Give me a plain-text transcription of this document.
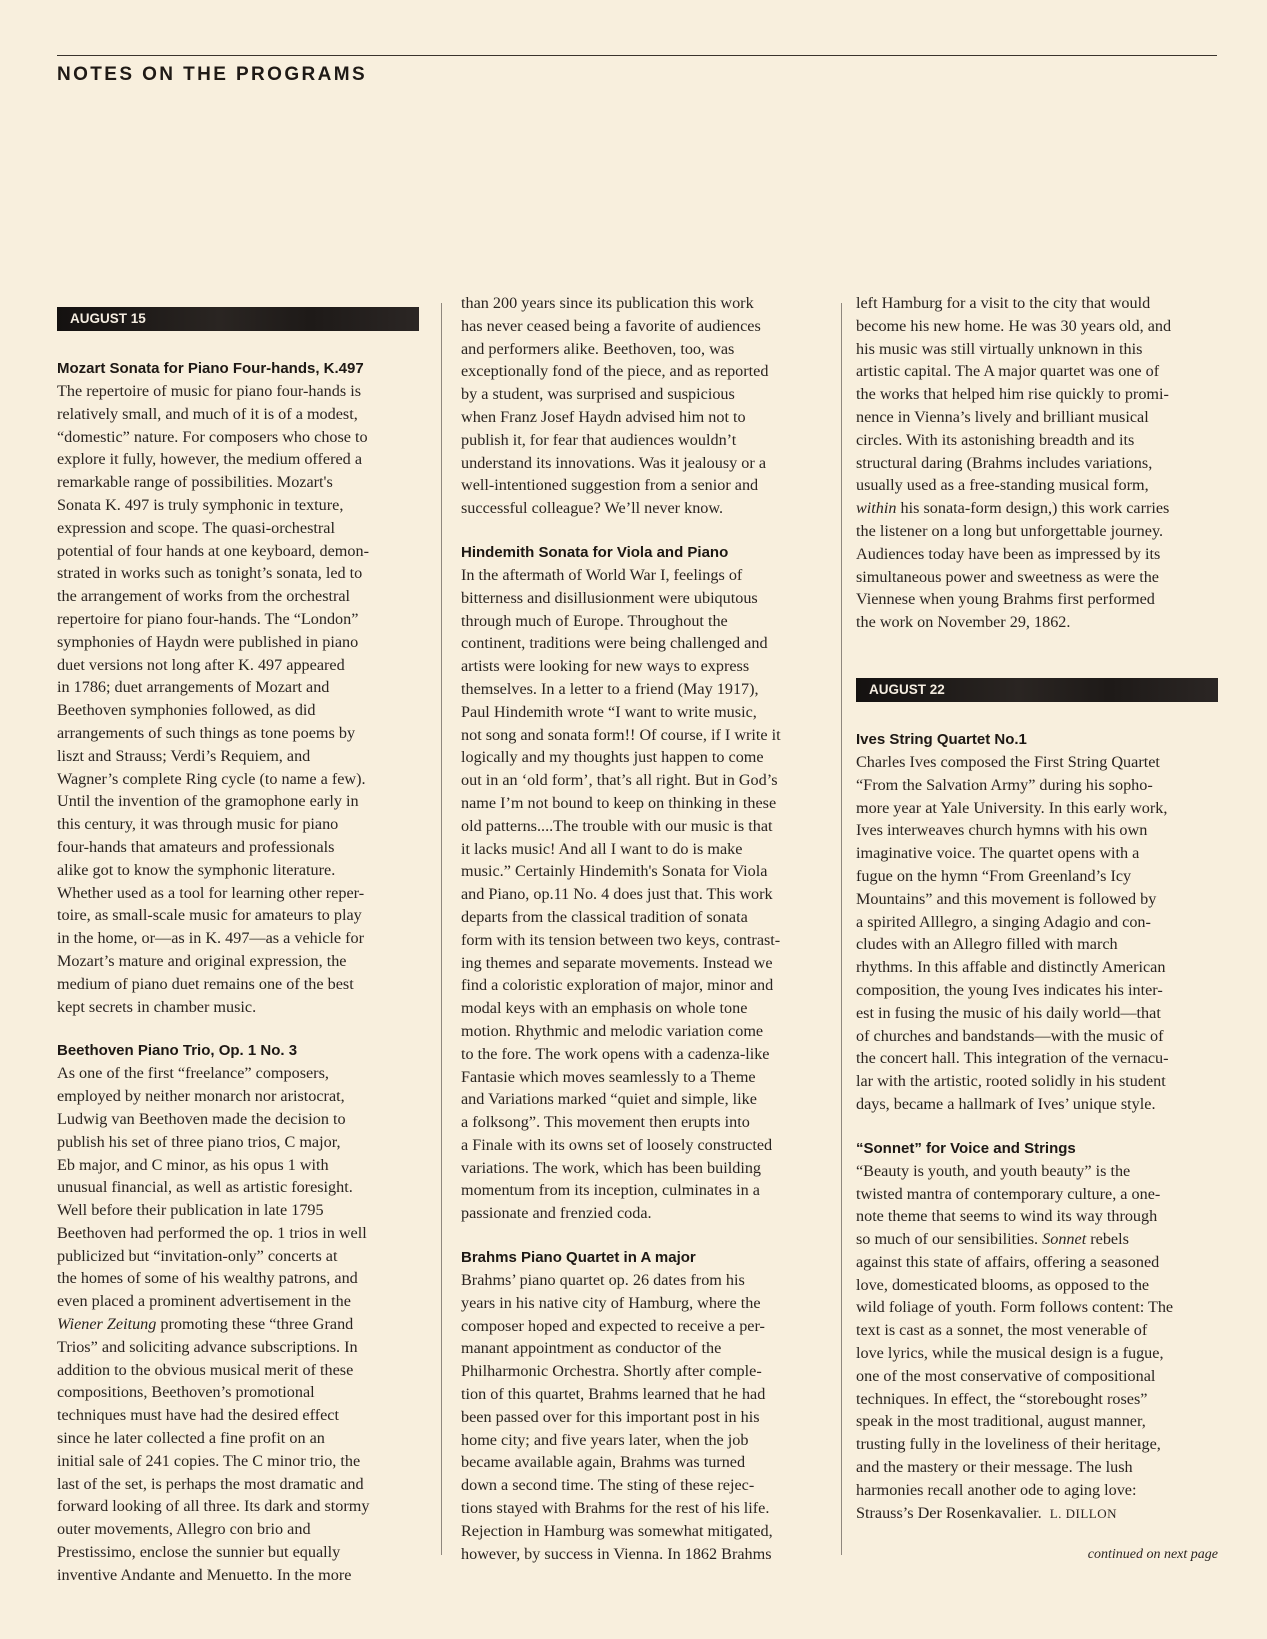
NOTES ON THE PROGRAMS
AUGUST 15
Mozart Sonata for Piano Four-hands, K.497

The repertoire of music for piano four-hands is
relatively small, and much of it is of a modest,
“domestic” nature. For composers who chose to
explore it fully, however, the medium offered a
remarkable range of possibilities. Mozart's
Sonata K. 497 is truly symphonic in texture,
expression and scope. The quasi-orchestral
potential of four hands at one keyboard, demon-
strated in works such as tonight’s sonata, led to
the arrangement of works from the orchestral
repertoire for piano four-hands. The “London”
symphonies of Haydn were published in piano
duet versions not long after K. 497 appeared
in 1786; duet arrangements of Mozart and
Beethoven symphonies followed, as did
arrangements of such things as tone poems by
liszt and Strauss; Verdi’s Requiem, and
Wagner’s complete Ring cycle (to name a few).
Until the invention of the gramophone early in
this century, it was through music for piano
four-hands that amateurs and professionals
alike got to know the symphonic literature.
Whether used as a tool for learning other reper-
toire, as small-scale music for amateurs to play
in the home, or—as in K. 497—as a vehicle for
Mozart’s mature and original expression, the
medium of piano duet remains one of the best
kept secrets in chamber music.

Beethoven Piano Trio, Op. 1 No. 3

As one of the first “freelance” composers,
employed by neither monarch nor aristocrat,
Ludwig van Beethoven made the decision to
publish his set of three piano trios, C major,
Eb major, and C minor, as his opus 1 with
unusual financial, as well as artistic foresight.
Well before their publication in late 1795
Beethoven had performed the op. 1 trios in well
publicized but “invitation-only” concerts at
the homes of some of his wealthy patrons, and
even placed a prominent advertisement in the

Wiener Zeitung promoting these “three Grand

Trios” and soliciting advance subscriptions. In
addition to the obvious musical merit of these
compositions, Beethoven’s promotional
techniques must have had the desired effect
since he later collected a fine profit on an
initial sale of 241 copies. The C minor trio, the
last of the set, is perhaps the most dramatic and
forward looking of all three. Its dark and stormy
outer movements, Allegro con brio and
Prestissimo, enclose the sunnier but equally
inventive Andante and Menuetto. In the more

than 200 years since its publication this work
has never ceased being a favorite of audiences
and performers alike. Beethoven, too, was
exceptionally fond of the piece, and as reported
by a student, was surprised and suspicious
when Franz Josef Haydn advised him not to
publish it, for fear that audiences wouldn’t
understand its innovations. Was it jealousy or a
well-intentioned suggestion from a senior and
successful colleague? We’ll never know.

Hindemith Sonata for Viola and Piano

In the aftermath of World War I, feelings of
bitterness and disillusionment were ubiqutous
through much of Europe. Throughout the
continent, traditions were being challenged and
artists were looking for new ways to express
themselves. In a letter to a friend (May 1917),
Paul Hindemith wrote “I want to write music,
not song and sonata form!! Of course, if I write it
logically and my thoughts just happen to come
out in an ‘old form’, that’s all right. But in God’s
name I’m not bound to keep on thinking in these
old patterns....The trouble with our music is that
it lacks music! And all I want to do is make
music.” Certainly Hindemith's Sonata for Viola
and Piano, op.11 No. 4 does just that. This work
departs from the classical tradition of sonata
form with its tension between two keys, contrast-
ing themes and separate movements. Instead we
find a coloristic exploration of major, minor and
modal keys with an emphasis on whole tone
motion. Rhythmic and melodic variation come
to the fore. The work opens with a cadenza-like
Fantasie which moves seamlessly to a Theme
and Variations marked “quiet and simple, like
a folksong”. This movement then erupts into
a Finale with its owns set of loosely constructed
variations. The work, which has been building
momentum from its inception, culminates in a
passionate and frenzied coda.

Brahms Piano Quartet in A major

Brahms’ piano quartet op. 26 dates from his
years in his native city of Hamburg, where the
composer hoped and expected to receive a per-
manant appointment as conductor of the
Philharmonic Orchestra. Shortly after comple-
tion of this quartet, Brahms learned that he had
been passed over for this important post in his
home city; and five years later, when the job
became available again, Brahms was turned
down a second time. The sting of these rejec-
tions stayed with Brahms for the rest of his life.
Rejection in Hamburg was somewhat mitigated,
however, by success in Vienna. In 1862 Brahms

left Hamburg for a visit to the city that would
become his new home. He was 30 years old, and
his music was still virtually unknown in this
artistic capital. The A major quartet was one of
the works that helped him rise quickly to promi-
nence in Vienna’s lively and brilliant musical
circles. With its astonishing breadth and its
structural daring (Brahms includes variations,
usually used as a free-standing musical form,

within his sonata-form design,) this work carries

the listener on a long but unforgettable journey.
Audiences today have been as impressed by its
simultaneous power and sweetness as were the
Viennese when young Brahms first performed
the work on November 29, 1862.

AUGUST 22
Ives String Quartet No.1

Charles Ives composed the First String Quartet
“From the Salvation Army” during his sopho-
more year at Yale University. In this early work,
Ives interweaves church hymns with his own
imaginative voice. The quartet opens with a
fugue on the hymn “From Greenland’s Icy
Mountains” and this movement is followed by
a spirited Alllegro, a singing Adagio and con-
cludes with an Allegro filled with march
rhythms. In this affable and distinctly American
composition, the young Ives indicates his inter-
est in fusing the music of his daily world—that
of churches and bandstands—with the music of
the concert hall. This integration of the vernacu-
lar with the artistic, rooted solidly in his student
days, became a hallmark of Ives’ unique style.

“Sonnet” for Voice and Strings

“Beauty is youth, and youth beauty” is the
twisted mantra of contemporary culture, a one-
note theme that seems to wind its way through

so much of our sensibilities. Sonnet rebels

against this state of affairs, offering a seasoned
love, domesticated blooms, as opposed to the
wild foliage of youth. Form follows content: The
text is cast as a sonnet, the most venerable of
love lyrics, while the musical design is a fugue,
one of the most conservative of compositional
techniques. In effect, the “storebought roses”
speak in the most traditional, august manner,
trusting fully in the loveliness of their heritage,
and the mastery or their message. The lush
harmonies recall another ode to aging love:

Strauss’s Der Rosenkavalier. L. DILLON

continued on next page
